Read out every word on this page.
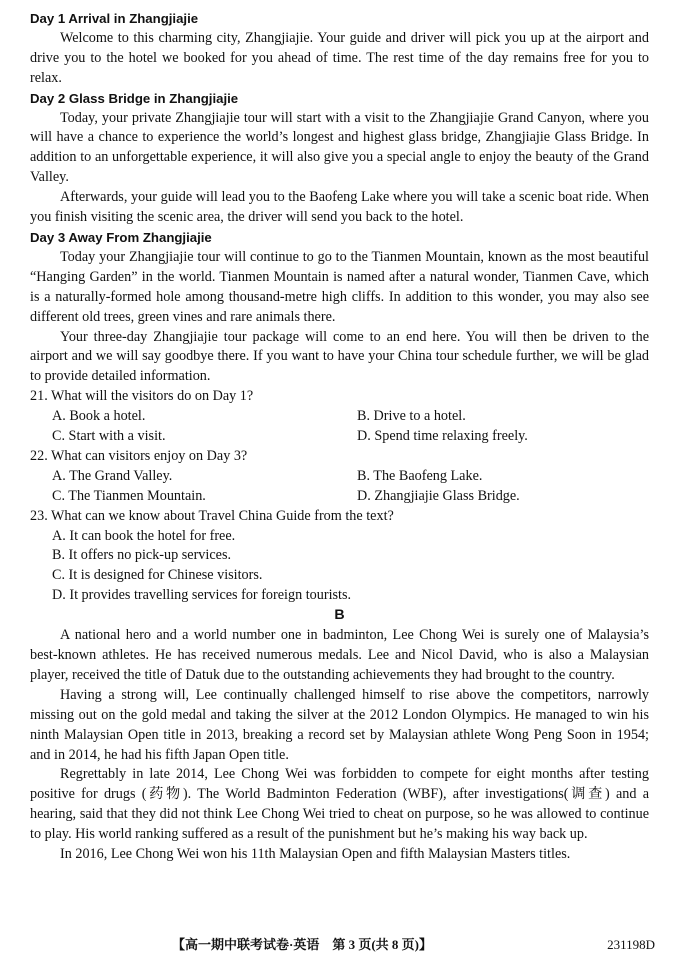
Day 1 Arrival in Zhangjiajie
Welcome to this charming city, Zhangjiajie. Your guide and driver will pick you up at the airport and drive you to the hotel we booked for you ahead of time. The rest time of the day remains free for you to relax.
Day 2 Glass Bridge in Zhangjiajie
Today, your private Zhangjiajie tour will start with a visit to the Zhangjiajie Grand Canyon, where you will have a chance to experience the world’s longest and highest glass bridge, Zhangjiajie Glass Bridge. In addition to an unforgettable experience, it will also give you a special angle to enjoy the beauty of the Grand Valley.
Afterwards, your guide will lead you to the Baofeng Lake where you will take a scenic boat ride. When you finish visiting the scenic area, the driver will send you back to the hotel.
Day 3 Away From Zhangjiajie
Today your Zhangjiajie tour will continue to go to the Tianmen Mountain, known as the most beautiful “Hanging Garden” in the world. Tianmen Mountain is named after a natural wonder, Tianmen Cave, which is a naturally-formed hole among thousand-metre high cliffs. In addition to this wonder, you may also see different old trees, green vines and rare animals there.
Your three-day Zhangjiajie tour package will come to an end here. You will then be driven to the airport and we will say goodbye there. If you want to have your China tour schedule further, we will be glad to provide detailed information.
21. What will the visitors do on Day 1?
A. Book a hotel.	B. Drive to a hotel.
C. Start with a visit.	D. Spend time relaxing freely.
22. What can visitors enjoy on Day 3?
A. The Grand Valley.	B. The Baofeng Lake.
C. The Tianmen Mountain.	D. Zhangjiajie Glass Bridge.
23. What can we know about Travel China Guide from the text?
A. It can book the hotel for free.
B. It offers no pick-up services.
C. It is designed for Chinese visitors.
D. It provides travelling services for foreign tourists.
B
A national hero and a world number one in badminton, Lee Chong Wei is surely one of Malaysia’s best-known athletes. He has received numerous medals. Lee and Nicol David, who is also a Malaysian player, received the title of Datuk due to the outstanding achievements they had brought to the country.
Having a strong will, Lee continually challenged himself to rise above the competitors, narrowly missing out on the gold medal and taking the silver at the 2012 London Olympics. He managed to win his ninth Malaysian Open title in 2013, breaking a record set by Malaysian athlete Wong Peng Soon in 1954; and in 2014, he had his fifth Japan Open title.
Regrettably in late 2014, Lee Chong Wei was forbidden to compete for eight months after testing positive for drugs (药物). The World Badminton Federation (WBF), after investigations(调查) and a hearing, said that they did not think Lee Chong Wei tried to cheat on purpose, so he was allowed to continue to play. His world ranking suffered as a result of the punishment but he’s making his way back up.
In 2016, Lee Chong Wei won his 11th Malaysian Open and fifth Malaysian Masters titles.
【高一期中联考试卷·英语　第 3 页(共 8 页)】	231198D
